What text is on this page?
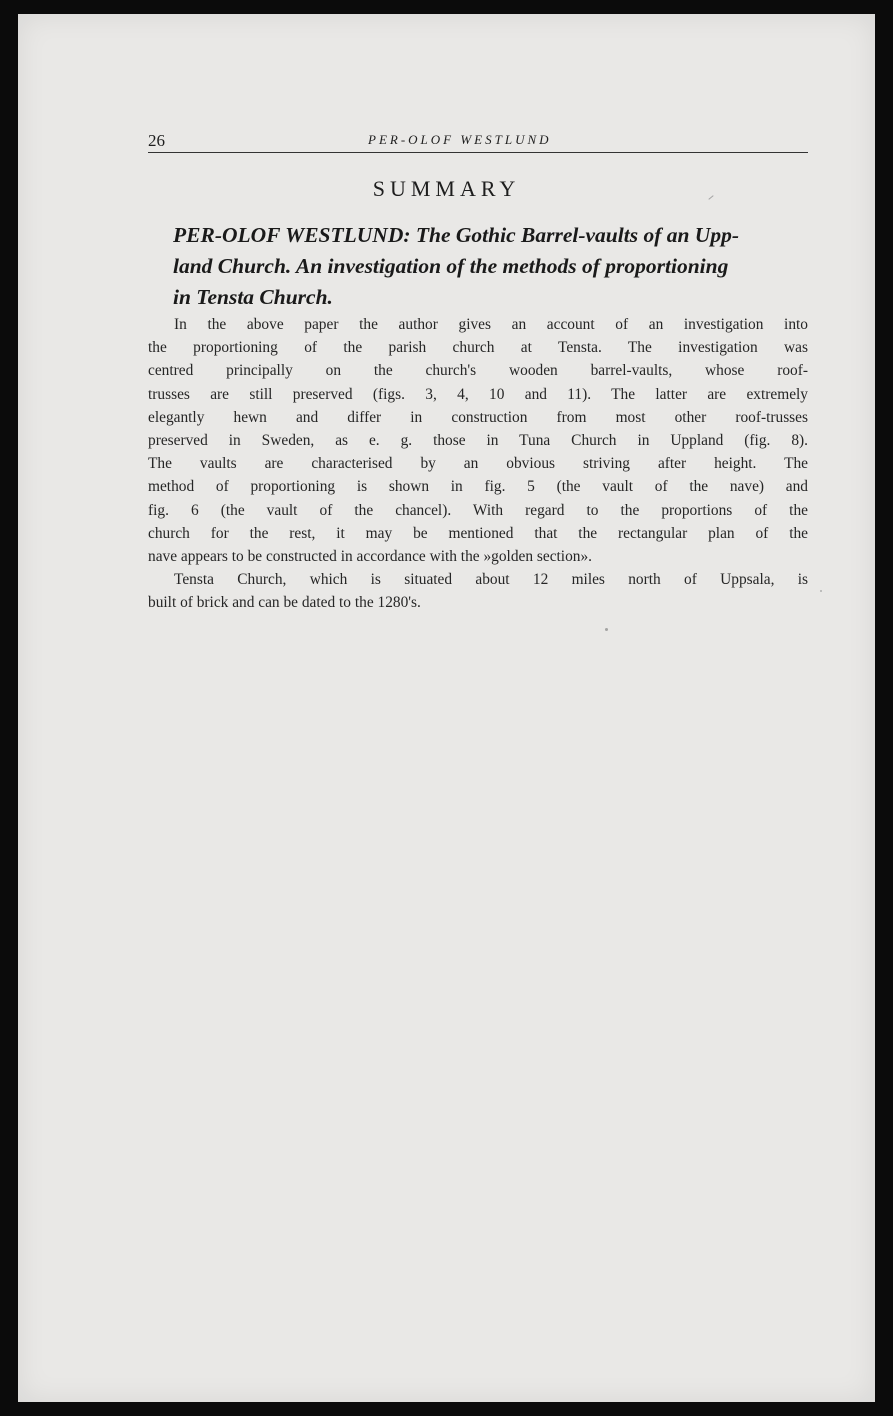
26	PER-OLOF WESTLUND
SUMMARY
PER-OLOF WESTLUND: The Gothic Barrel-vaults of an Upp-
land Church. An investigation of the methods of proportioning
in Tensta Church.
In the above paper the author gives an account of an investigation into
the proportioning of the parish church at Tensta. The investigation was
centred principally on the church's wooden barrel-vaults, whose roof-
trusses are still preserved (figs. 3, 4, 10 and 11). The latter are extremely
elegantly hewn and differ in construction from most other roof-trusses
preserved in Sweden, as e. g. those in Tuna Church in Uppland (fig. 8).
The vaults are characterised by an obvious striving after height. The
method of proportioning is shown in fig. 5 (the vault of the nave) and
fig. 6 (the vault of the chancel). With regard to the proportions of the
church for the rest, it may be mentioned that the rectangular plan of the
nave appears to be constructed in accordance with the »golden section».
Tensta Church, which is situated about 12 miles north of Uppsala, is
built of brick and can be dated to the 1280's.
